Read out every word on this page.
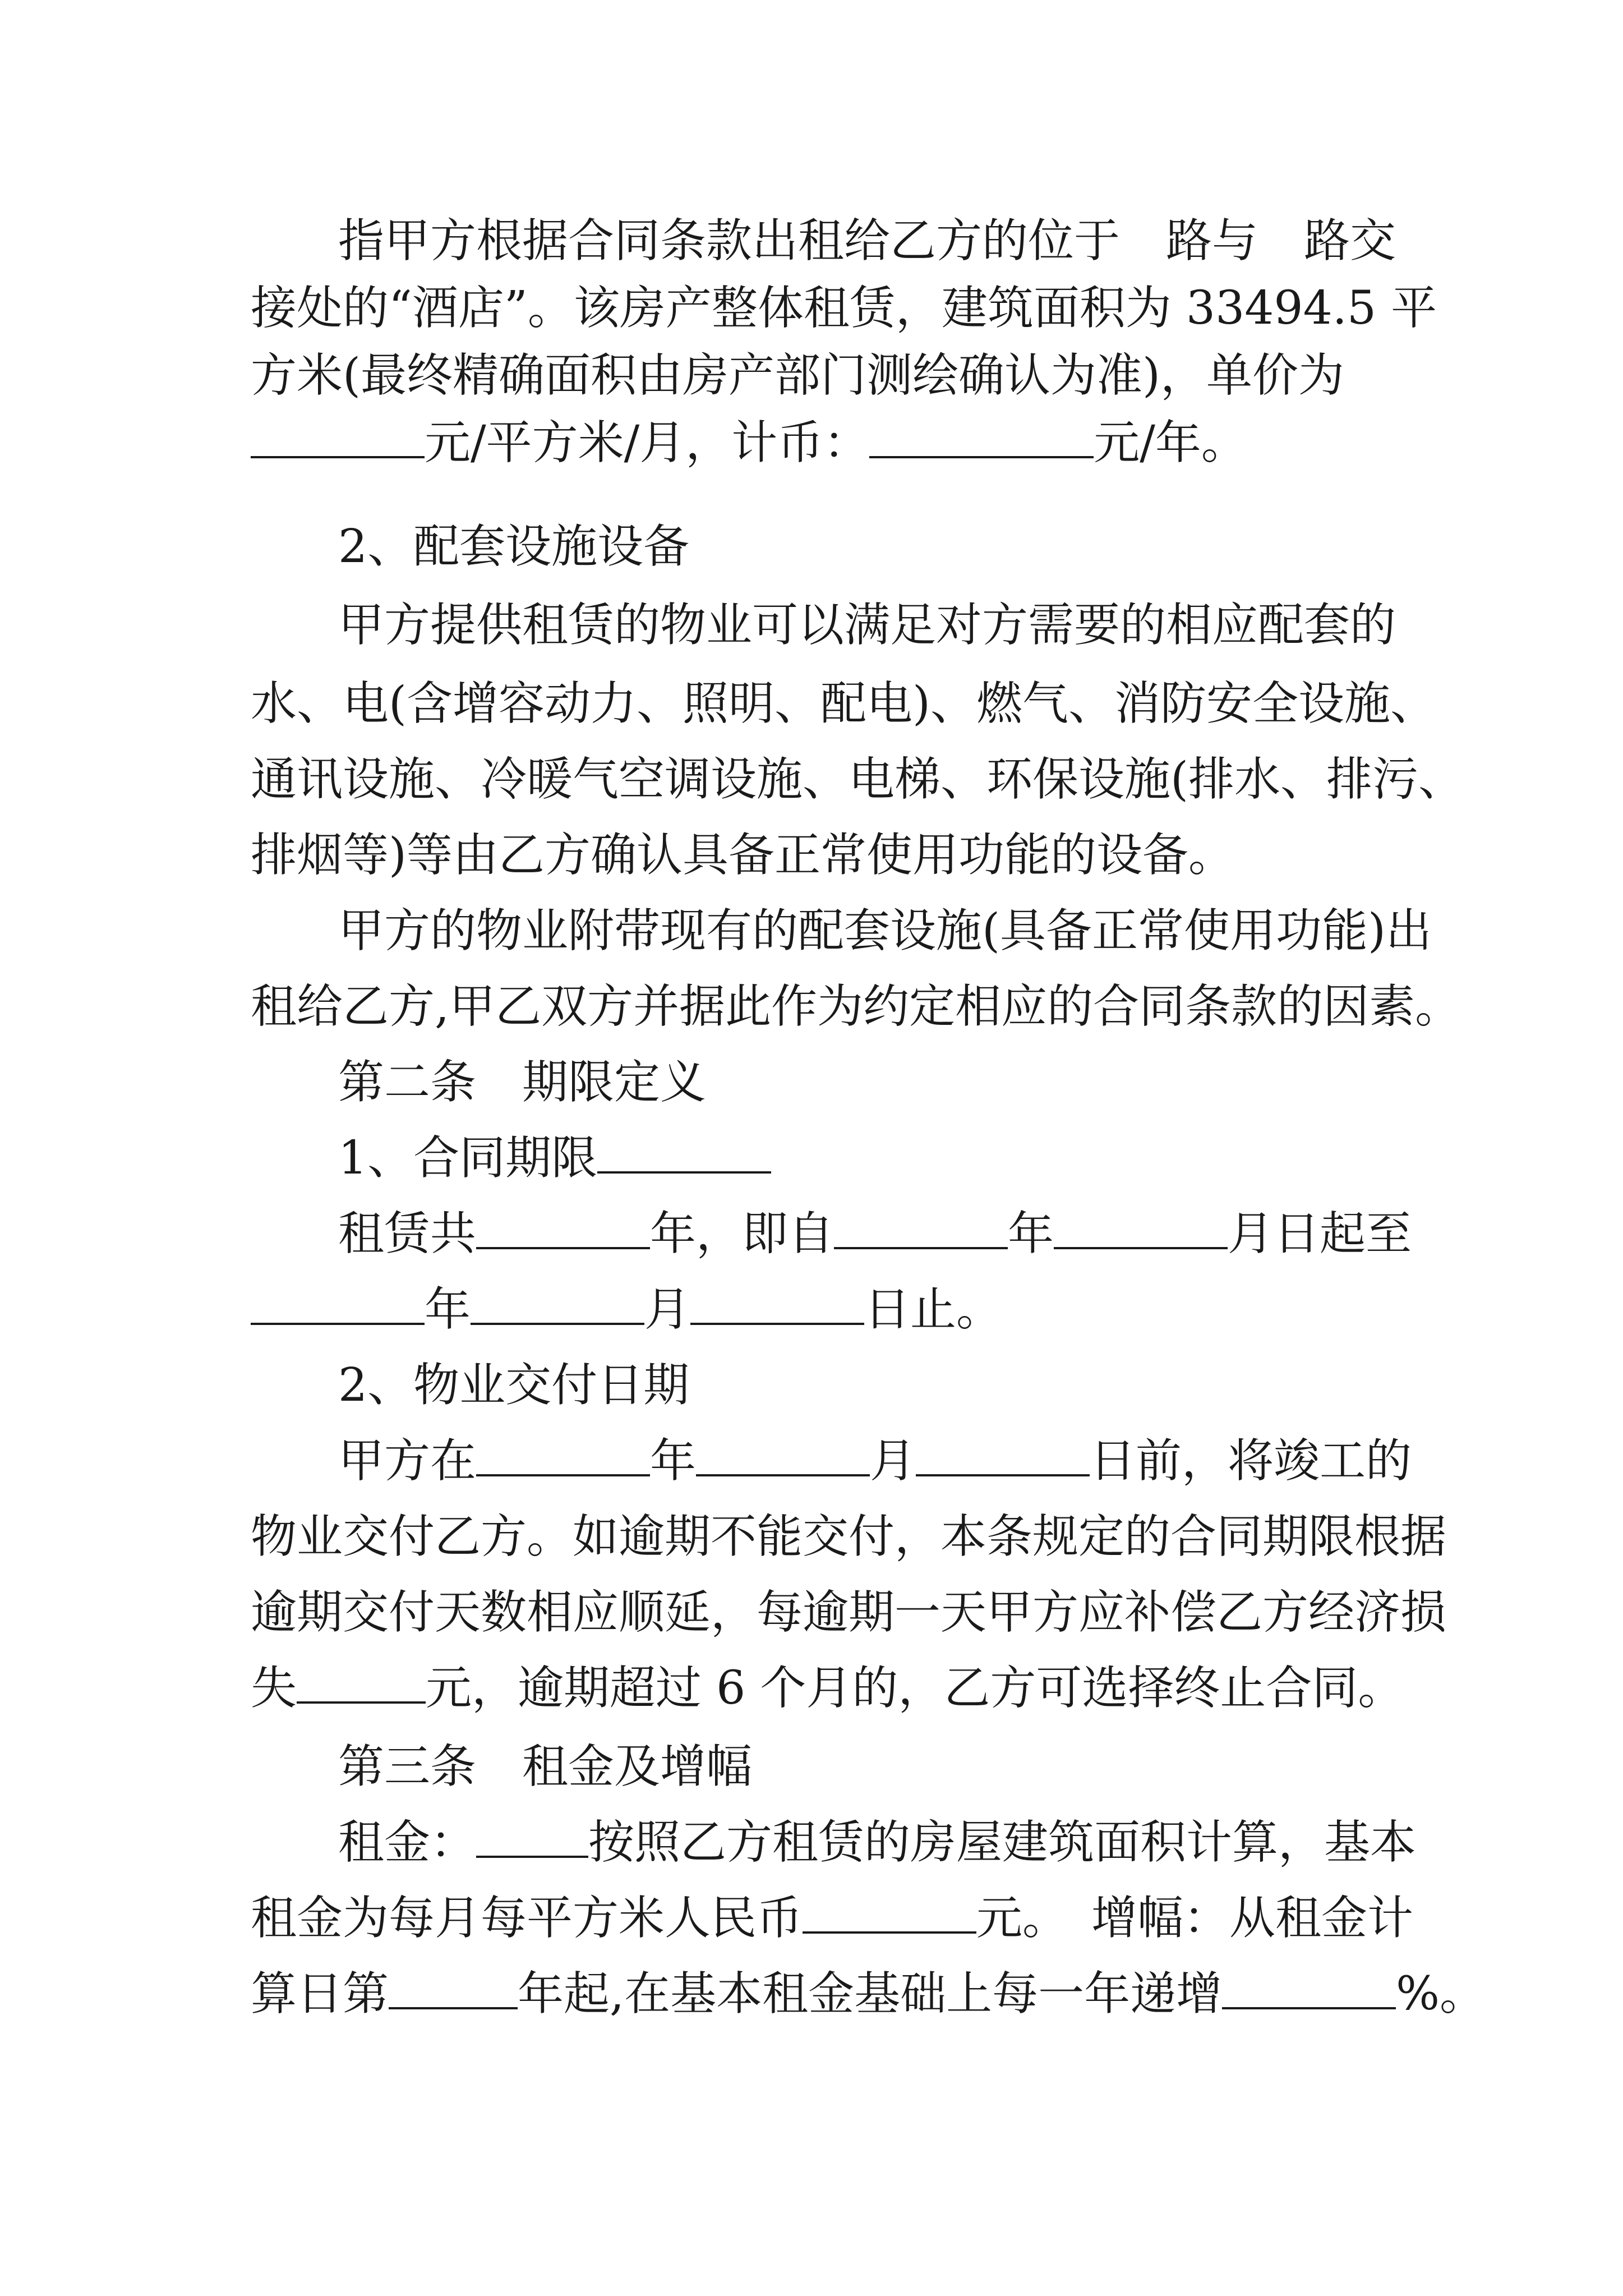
指甲方根据合同条款出租给乙方的位于　路与　路交
接处的“酒店”。该房产整体租赁，建筑面积为 33494.5 平
方米(最终精确面积由房产部门测绘确认为准)，单价为
元/平方米/月，计币：	元/年。
2、配套设施设备
甲方提供租赁的物业可以满足对方需要的相应配套的
水、电(含增容动力、照明、配电)、燃气、消防安全设施、
通讯设施、冷暖气空调设施、电梯、环保设施(排水、排污、
排烟等)等由乙方确认具备正常使用功能的设备。
甲方的物业附带现有的配套设施(具备正常使用功能)出
租给乙方,甲乙双方并据此作为约定相应的合同条款的因素。
第二条　期限定义
1、合同期限
租赁共	年，即自	年	月日起至
年	月	日止。
2、物业交付日期
甲方在	年	月	日前，将竣工的
物业交付乙方。如逾期不能交付，本条规定的合同期限根据
逾期交付天数相应顺延，每逾期一天甲方应补偿乙方经济损
失	元，逾期超过 6 个月的，乙方可选择终止合同。
第三条　租金及增幅
租金： 按照乙方租赁的房屋建筑面积计算，基本
租金为每月每平方米人民币	元。　增幅：从租金计
算日第	年起,在基本租金基础上每一年递增	%。
